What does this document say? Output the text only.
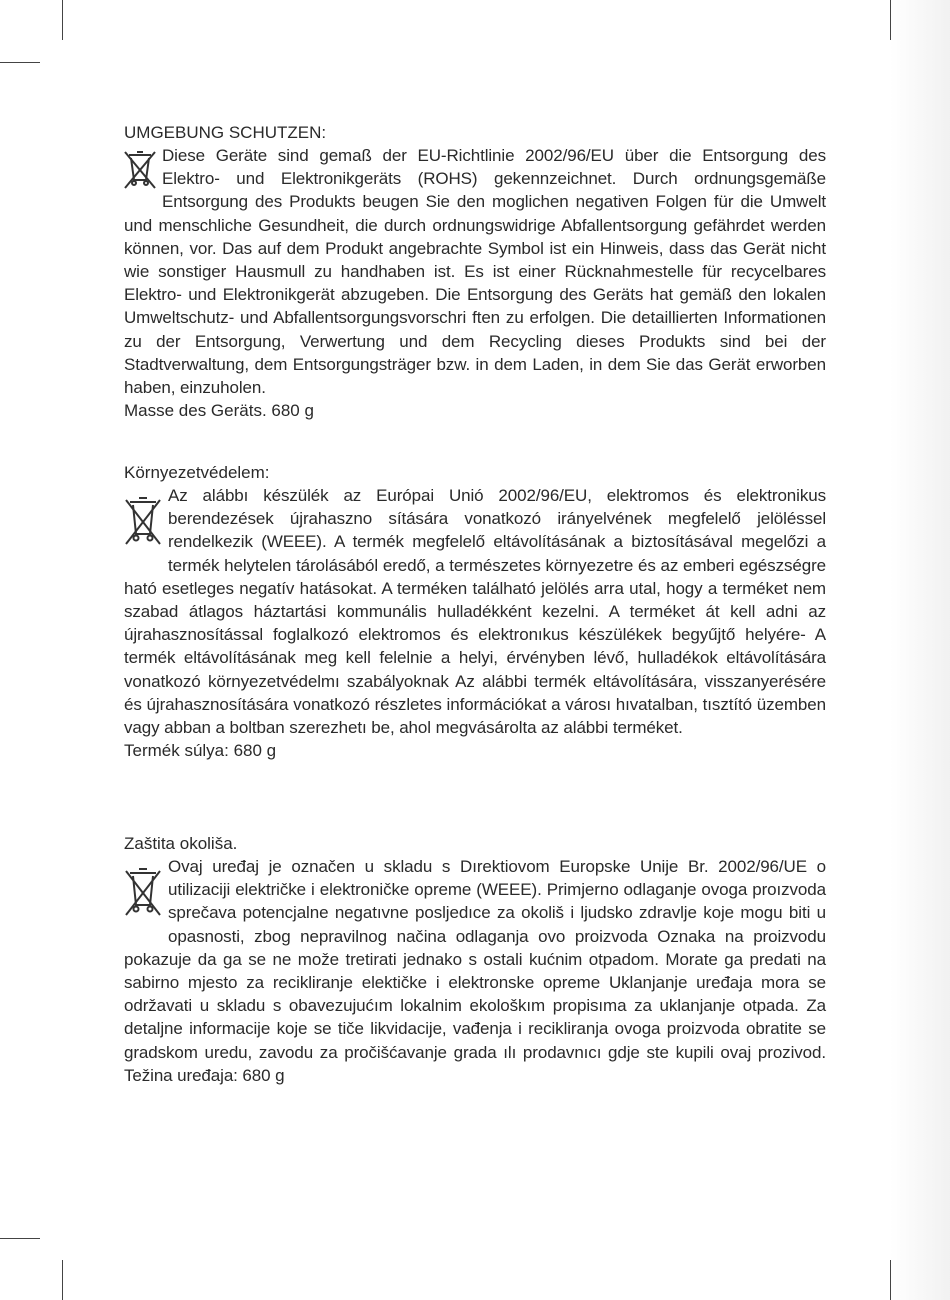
UMGEBUNG SCHUTZEN:

Diese Geräte sind gemaß der EU-Richtlinie 2002/96/EU über die Entsorgung des Elektro- und Elektronikgeräts (ROHS) gekennzeichnet. Durch ordnungsgemäße Entsorgung des Produkts beugen Sie den moglichen negativen Folgen für die Umwelt und menschliche Gesundheit, die durch ordnungswidrige Abfallentsorgung gefährdet werden können, vor. Das auf dem Produkt angebrachte Symbol ist ein Hinweis, dass das Gerät nicht wie sonstiger Hausmull zu handhaben ist. Es ist einer Rücknahmestelle für recycelbares Elektro- und Elektronikgerät abzugeben. Die Entsorgung des Geräts hat gemäß den lokalen Umweltschutz- und Abfallentsorgungsvorschri ften zu erfolgen. Die detaillierten Informationen zu der Entsorgung, Verwertung und dem Recycling dieses Produkts sind bei der Stadtverwaltung, dem Entsorgungsträger bzw. in dem Laden, in dem Sie das Gerät erworben haben, einzuholen.

Masse des Geräts. 680 g

Környezetvédelem:

Az alábbı készülék az Európai Unió 2002/96/EU, elektromos és elektronikus berendezések újrahaszno sítására vonatkozó irányelvének megfelelő jelöléssel rendelkezik (WEEE). A termék megfelelő eltávolításának a biztosításával megelőzi a termék helytelen tárolásából eredő, a természetes környezetre és az emberi egészségre ható esetleges negatív hatásokat. A terméken található jelölés arra utal, hogy a terméket nem szabad átlagos háztartási kommunális hulladékként kezelni. A terméket át kell adni az újrahasznosítással foglalkozó elektromos és elektronıkus készülékek begyűjtő helyére- A termék eltávolításának meg kell felelnie a helyi, érvényben lévő, hulladékok eltávolítására vonatkozó környezetvédelmı szabályoknak Az alábbi termék eltávolítására, visszanyerésére és újrahasznosítására vonatkozó részletes információkat a városı hıvatalban, tısztító üzemben vagy abban a boltban szerezhetı be, ahol megvásárolta az alábbi terméket.

Termék súlya: 680 g

Zaštita okoliša.

Ovaj uređaj je označen u skladu s Dırektiovom Europske Unije Br. 2002/96/UE o utilizaciji električke i elektroničke opreme (WEEE). Primjerno odlaganje ovoga proızvoda sprečava potencjalne negatıvne posljedıce za okoliš i ljudsko zdravlje koje mogu biti u opasnosti, zbog nepravilnog načina odlaganja ovo proizvoda Oznaka na proizvodu pokazuje da ga se ne može tretirati jednako s ostali kućnim otpadom. Morate ga predati na sabirno mjesto za recikliranje elektičke i elektronske opreme Uklanjanje uređaja mora se održavati u skladu s obavezujućım lokalnim ekološkım propisıma za uklanjanje otpada. Za detaljne informacije koje se tiče likvidacije, vađenja i recikliranja ovoga proizvoda obratite se gradskom uredu, zavodu za pročišćavanje grada ılı prodavnıcı gdje ste kupili ovaj prozivod. Težina uređaja: 680 g
